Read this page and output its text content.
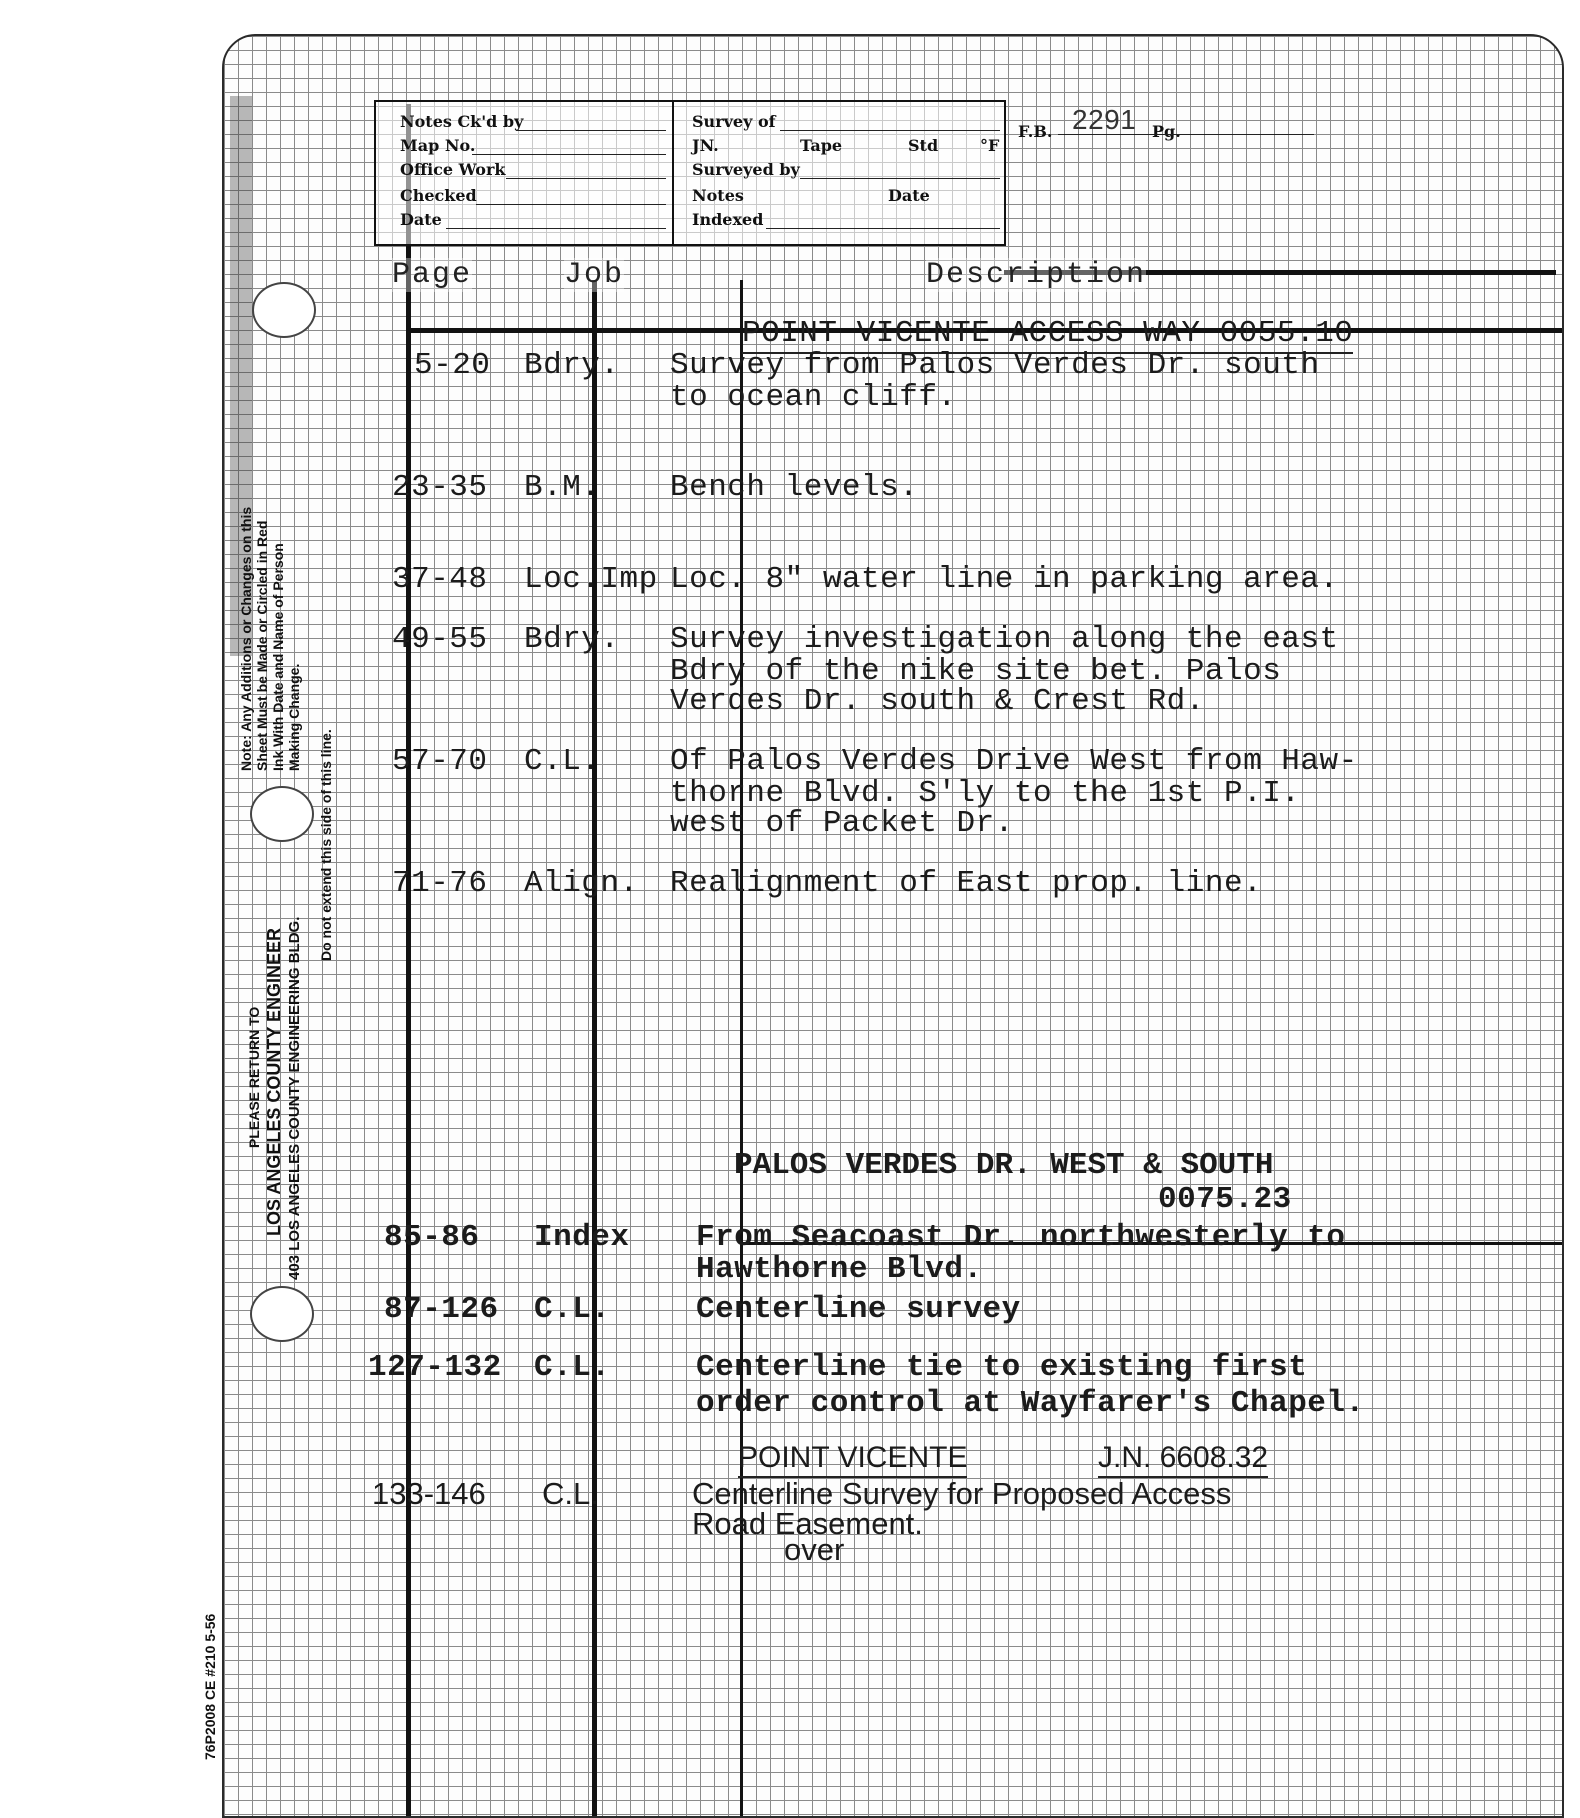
Notes Ck'd by
Map No.
Office Work
Checked
Date
Survey of
JN.	Tape	Std	°F
Surveyed by
Notes	Date
Indexed
F.B. 2291 Pg.
Page	Job	Description
POINT VICENTE ACCESS WAY 0055.10
5-20 Bdry. Survey from Palos Verdes Dr. south
to ocean cliff.
23-35 B.M. Bench levels.
37-48 Loc.Imp Loc. 8" water line in parking area.
49-55 Bdry. Survey investigation along the east
Bdry of the nike site bet. Palos
Verdes Dr. south & Crest Rd.
57-70 C.L. Of Palos Verdes Drive West from Haw-
thorne Blvd. S'ly to the 1st P.I.
west of Packet Dr.
71-76 Align. Realignment of East prop. line.
PALOS VERDES DR. WEST & SOUTH
0075.23
85-86 Index From Seacoast Dr. northwesterly to
Hawthorne Blvd.
87-126 C.L.	Centerline survey
127-132 C.L.	Centerline tie to existing first
order control at Wayfarer's Chapel.
POINT VICENTE	J.N. 6608.32
133-146 C.L.	Centerline Survey for Proposed Access
Road Easement.
over
Note: Any Additions or Changes on this Sheet Must be Made or Circled in Red Ink With Date and Name of Person Making Change.
Do not extend this side of this line.
PLEASE RETURN TO LOS ANGELES COUNTY ENGINEER 403 LOS ANGELES COUNTY ENGINEERING BLDG.
76P2008 CE #210 5-56
